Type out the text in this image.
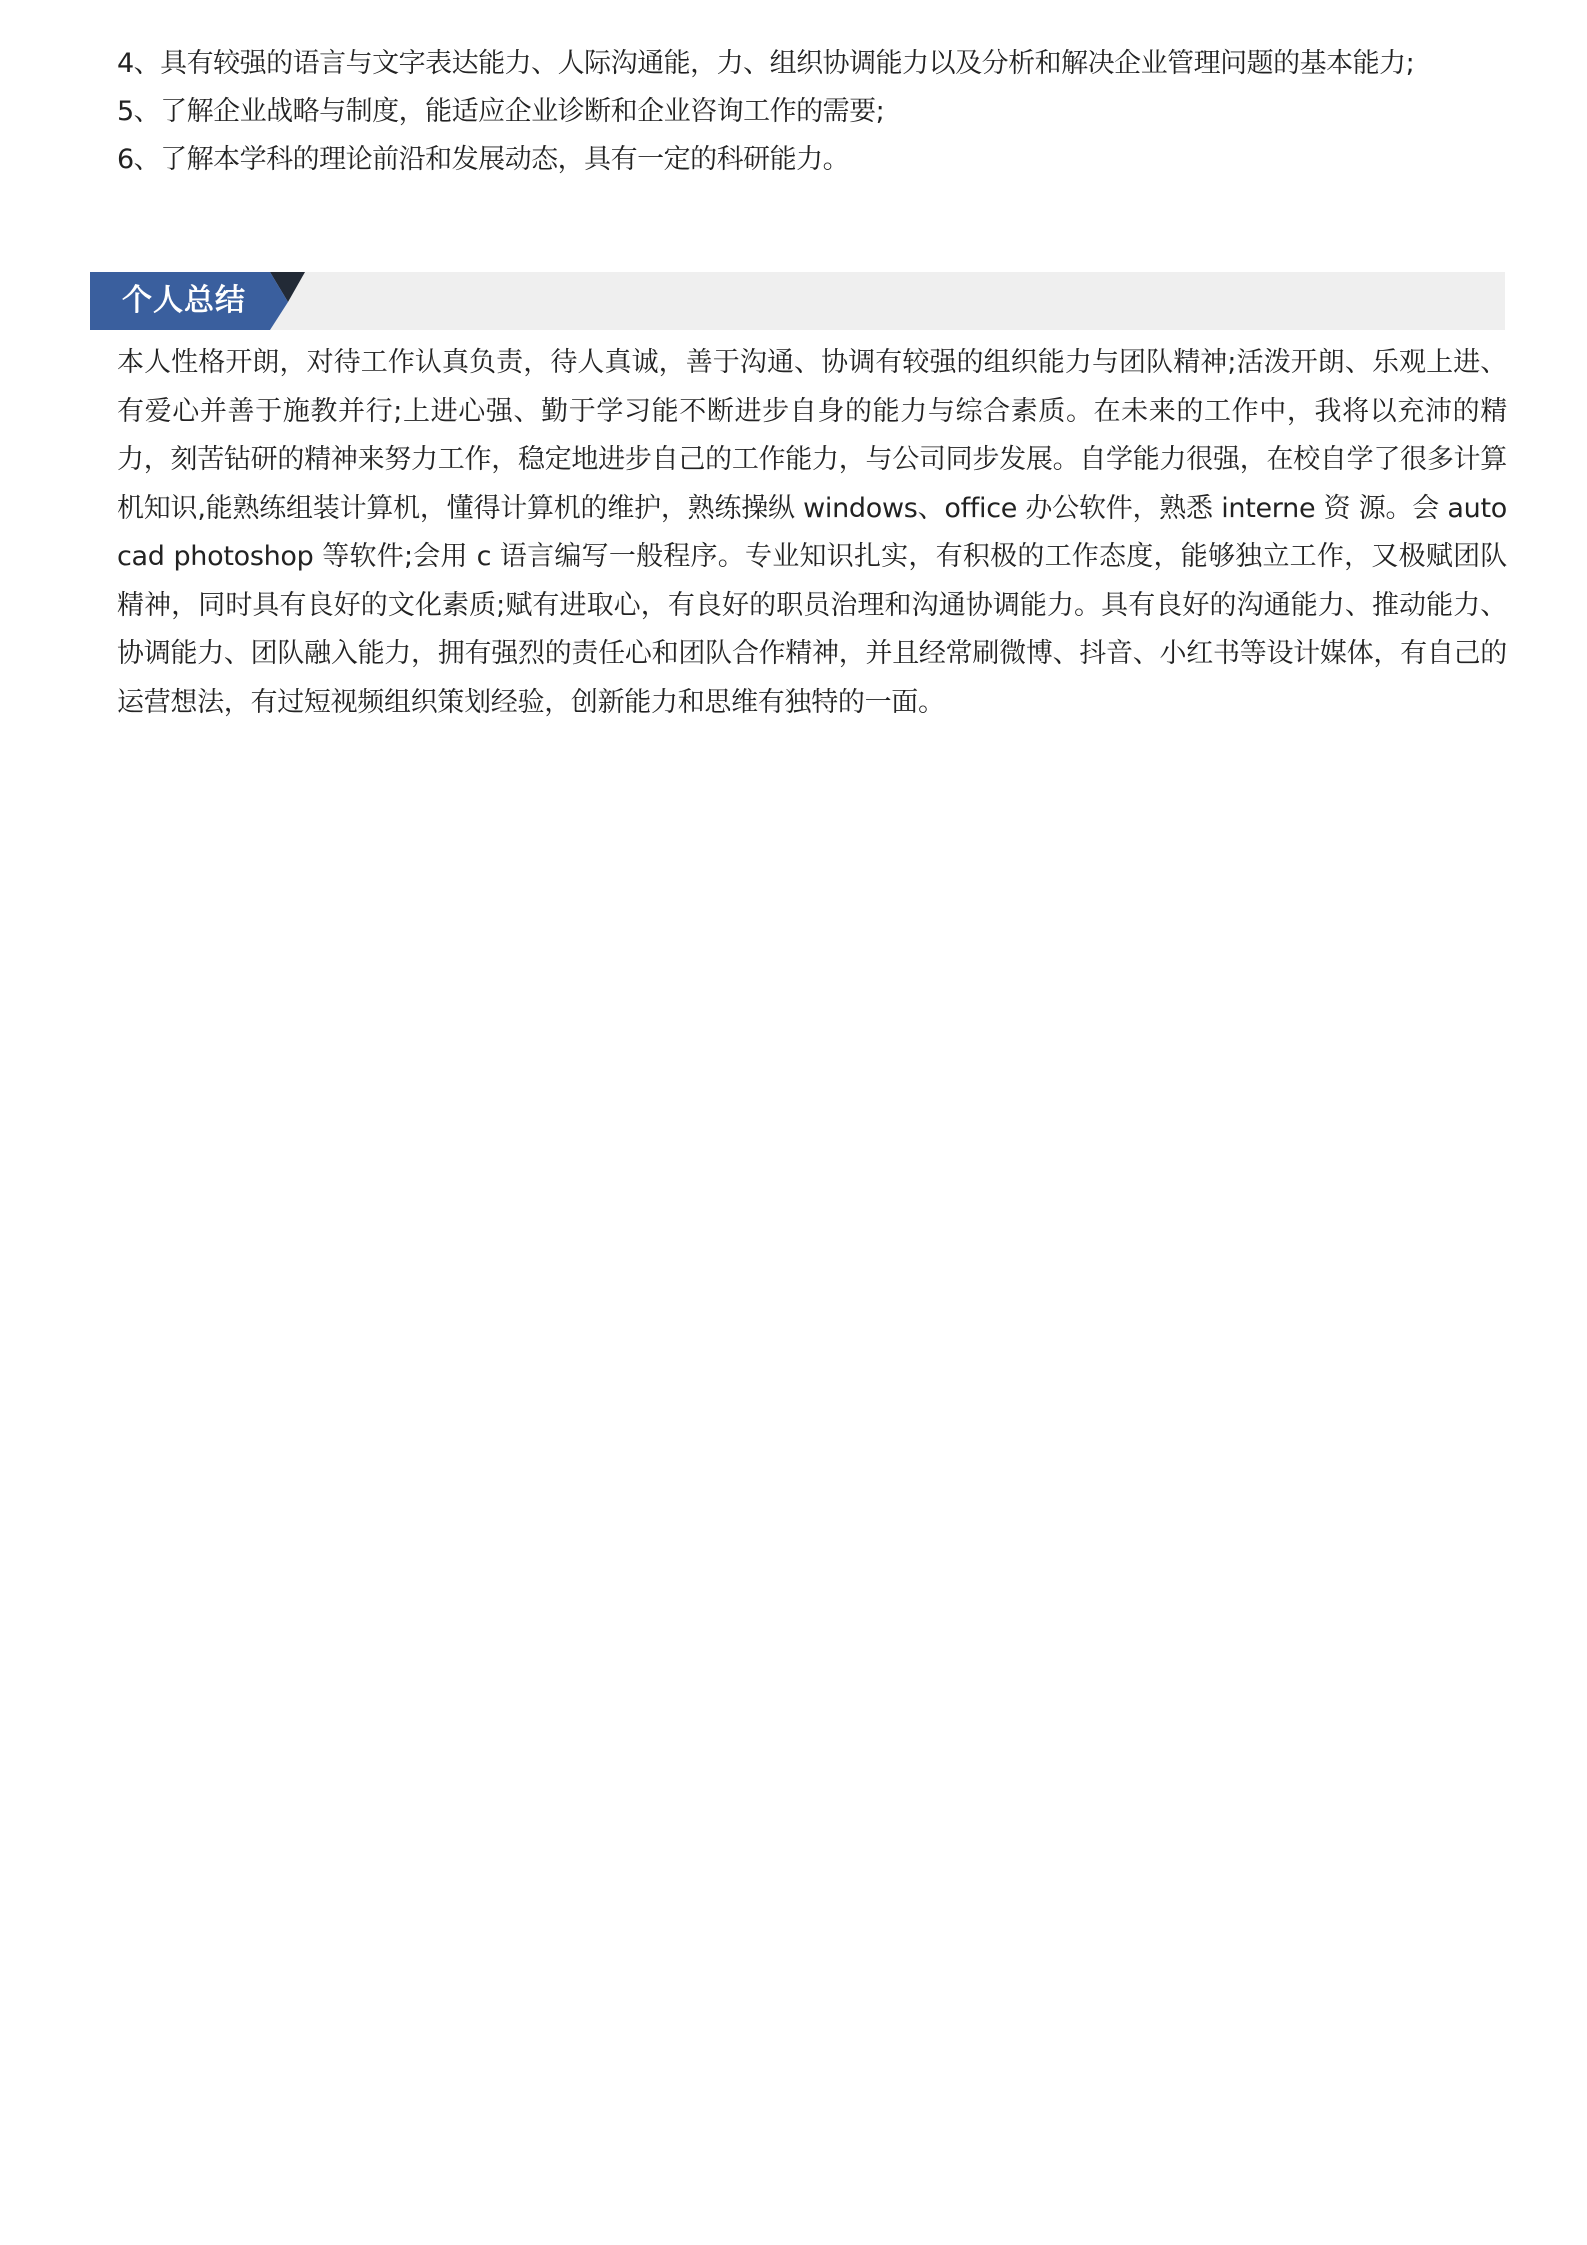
4、具有较强的语言与文字表达能力、人际沟通能，力、组织协调能力以及分析和解决企业管理问题的基本能力;
5、了解企业战略与制度，能适应企业诊断和企业咨询工作的需要;
6、了解本学科的理论前沿和发展动态，具有一定的科研能力。
个人总结

本人性格开朗，对待工作认真负责，待人真诚，善于沟通、协调有较强的组织能力与团队精神;活泼开朗、乐观上进、有爱心并善于施教并行;上进心强、勤于学习能不断进步自身的能力与综合素质。在未来的工作中，我将以充沛的精力，刻苦钻研的精神来努力工作，稳定地进步自己的工作能力，与公司同步发展。自学能力很强，在校自学了很多计算机知识,能熟练组装计算机，懂得计算机的维护，熟练操纵 windows、office 办公软件，熟悉 interne 资 源。会 auto cad photoshop 等软件;会用 c 语言编写一般程序。专业知识扎实，有积极的工作态度，能够独立工作，又极赋团队精神，同时具有良好的文化素质;赋有进取心，有良好的职员治理和沟通协调能力。具有良好的沟通能力、推动能力、协调能力、团队融入能力，拥有强烈的责任心和团队合作精神，并且经常刷微博、抖音、小红书等设计媒体，有自己的运营想法，有过短视频组织策划经验，创新能力和思维有独特的一面。
